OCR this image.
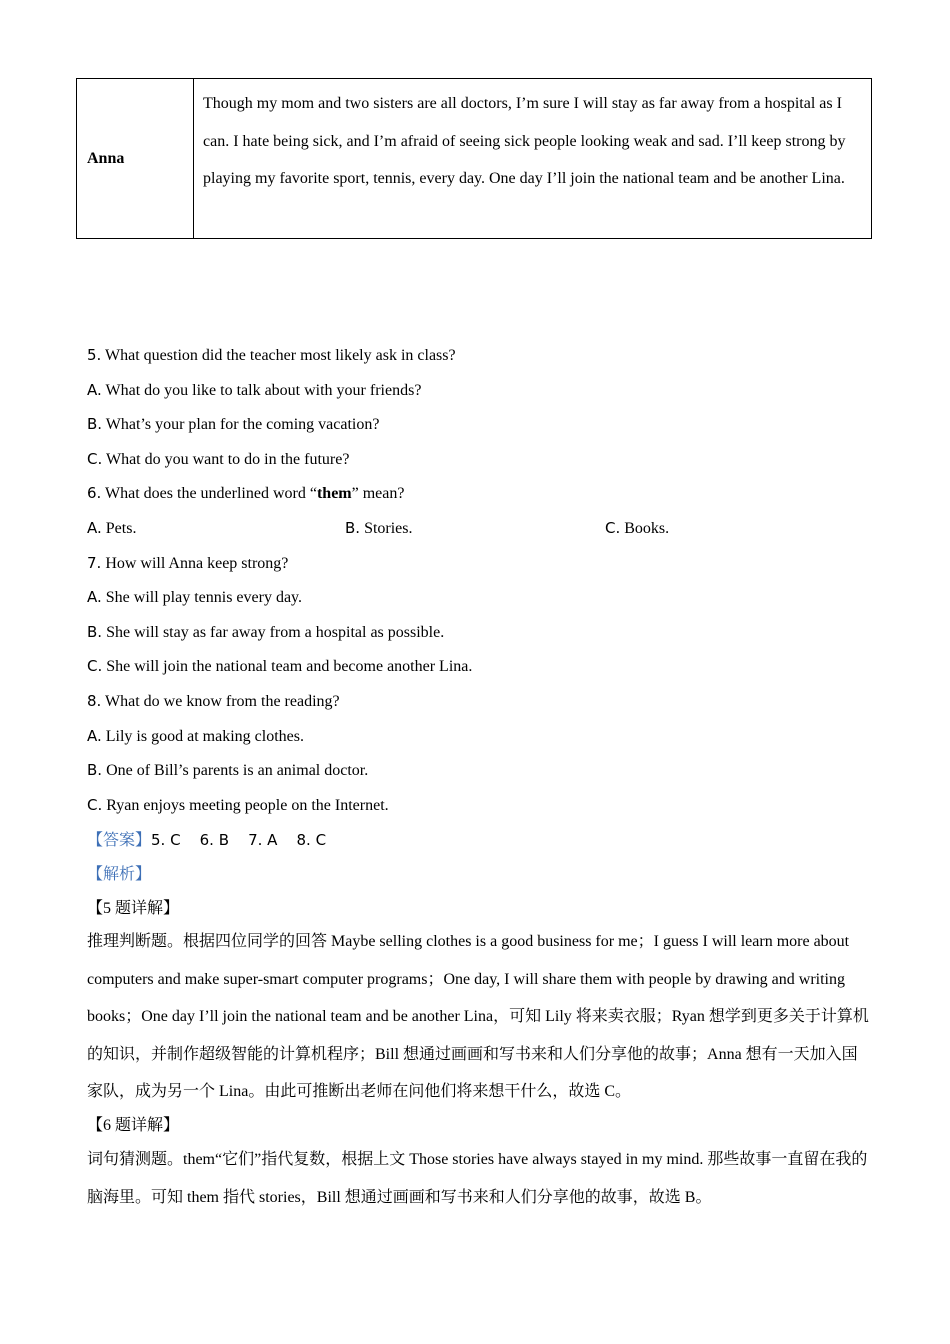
Anna
Though my mom and two sisters are all doctors, I’m sure I will stay as far away from a hospital as I can. I hate being sick, and I’m afraid of seeing sick people looking weak and sad. I’ll keep strong by playing my favorite sport, tennis, every day. One day I’ll join the national team and be another Lina.
5. What question did the teacher most likely ask in class?
A. What do you like to talk about with your friends?
B. What’s your plan for the coming vacation?
C. What do you want to do in the future?
6. What does the underlined word “them” mean?
A. Pets.	B. Stories.	C. Books.
7. How will Anna keep strong?
A. She will play tennis every day.
B. She will stay as far away from a hospital as possible.
C. She will join the national team and become another Lina.
8. What do we know from the reading?
A. Lily is good at making clothes.
B. One of Bill’s parents is an animal doctor.
C. Ryan enjoys meeting people on the Internet.
【答案】5. C    6. B    7. A    8. C
【解析】
【5 题详解】
推理判断题。根据四位同学的回答 Maybe selling clothes is a good business for me；I guess I will learn more about computers and make super-smart computer programs；One day, I will share them with people by drawing and writing books；One day I’ll join the national team and be another Lina，可知 Lily 将来卖衣服；Ryan 想学到更多关于计算机的知识，并制作超级智能的计算机程序；Bill 想通过画画和写书来和人们分享他的故事；Anna 想有一天加入国家队，成为另一个 Lina。由此可推断出老师在问他们将来想干什么，故选 C。
【6 题详解】
词句猜测题。them“它们”指代复数，根据上文 Those stories have always stayed in my mind. 那些故事一直留在我的脑海里。可知 them 指代 stories，Bill 想通过画画和写书来和人们分享他的故事，故选 B。
